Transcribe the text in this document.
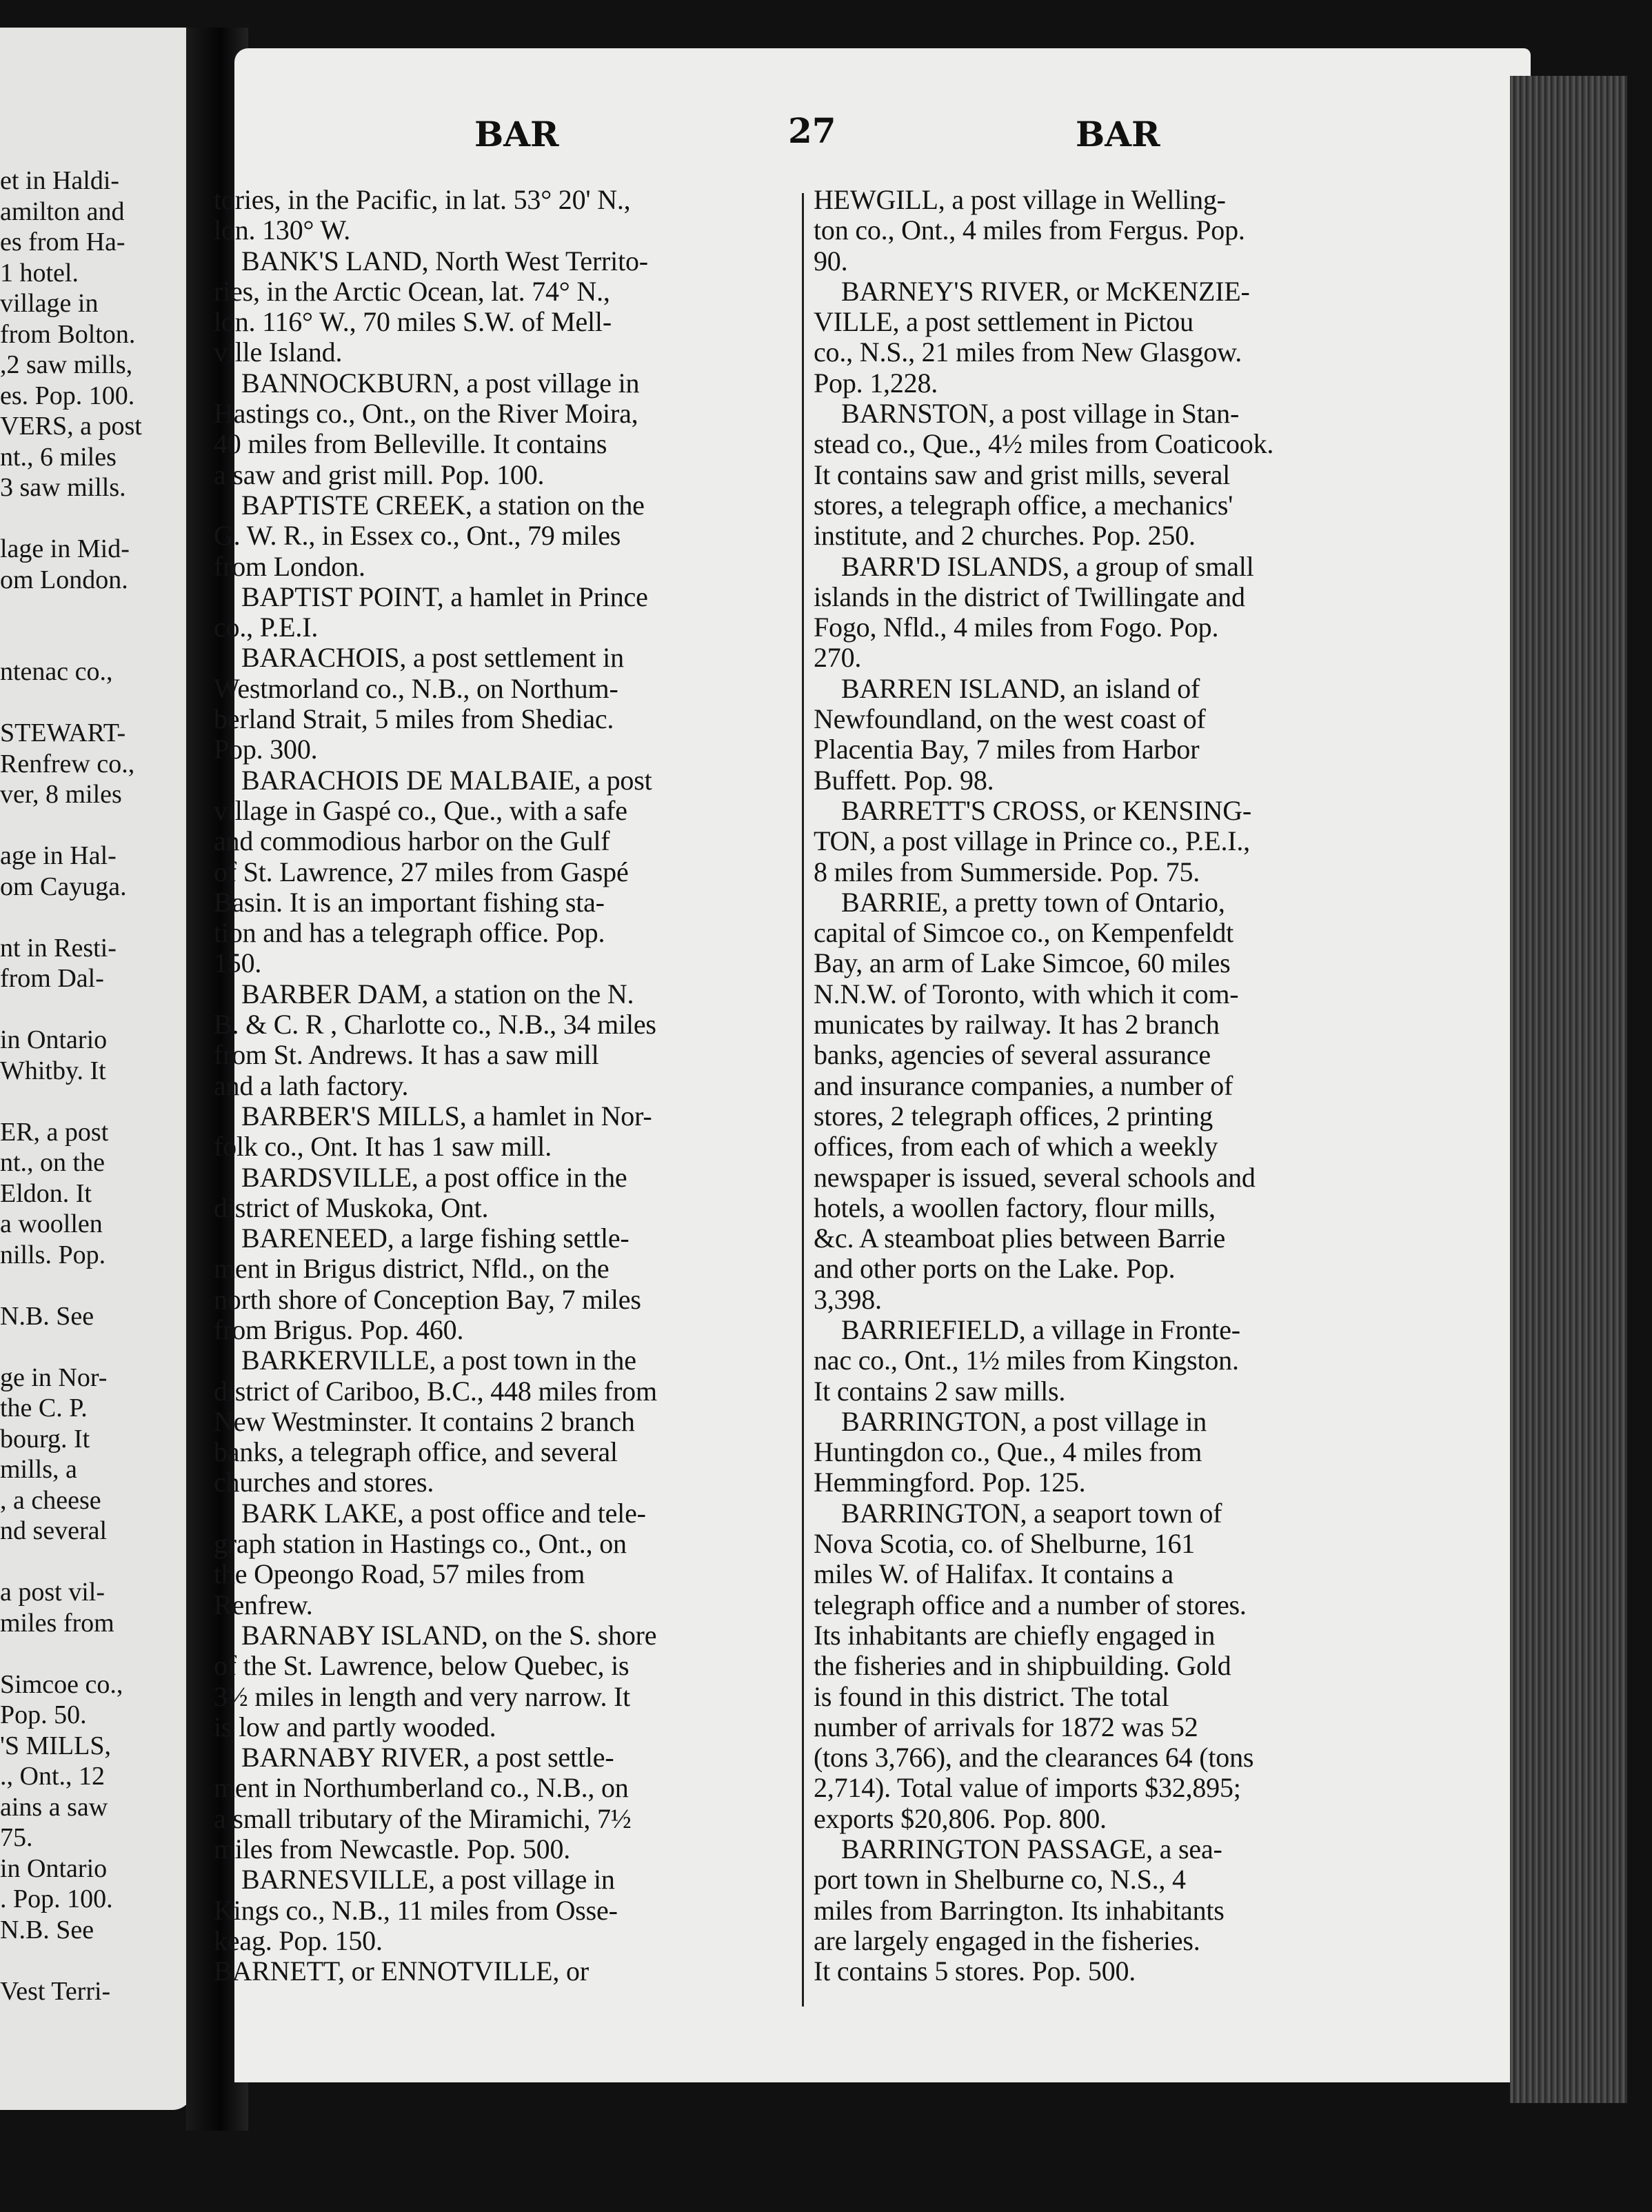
BAR	27	BAR
et in Haldi-
amilton and
es from Ha-
1 hotel.
village in
from Bolton.
,2 saw mills,
es. Pop. 100.
VERS, a post
nt., 6 miles
3 saw mills.
lage in Mid-
om London.
ntenac co.,
STEWART-
Renfrew co.,
ver, 8 miles
age in Hal-
om Cayuga.
nt in Resti-
from Dal-
in Ontario
Whitby. It
ER, a post
nt., on the
Eldon. It
a woollen
nills. Pop.
N.B. See
ge in Nor-
the C. P.
bourg. It
mills, a
, a cheese
nd several
a post vil-
miles from
Simcoe co.,
Pop. 50.
'S MILLS,
., Ont., 12
ains a saw
75.
in Ontario
. Pop. 100.
N.B. See
Vest Terri-
tories, in the Pacific, in lat. 53° 20' N.,
lon. 130° W.
BANK'S LAND, North West Territo-
ries, in the Arctic Ocean, lat. 74° N.,
lon. 116° W., 70 miles S.W. of Mell-
ville Island.
BANNOCKBURN, a post village in
Hastings co., Ont., on the River Moira,
40 miles from Belleville. It contains
a saw and grist mill. Pop. 100.
BAPTISTE CREEK, a station on the
G. W. R., in Essex co., Ont., 79 miles
from London.
BAPTIST POINT, a hamlet in Prince
co., P.E.I.
BARACHOIS, a post settlement in
Westmorland co., N.B., on Northum-
berland Strait, 5 miles from Shediac.
Pop. 300.
BARACHOIS DE MALBAIE, a post
village in Gaspé co., Que., with a safe
and commodious harbor on the Gulf
of St. Lawrence, 27 miles from Gaspé
Basin. It is an important fishing sta-
tion and has a telegraph office. Pop.
150.
BARBER DAM, a station on the N.
B. & C. R , Charlotte co., N.B., 34 miles
from St. Andrews. It has a saw mill
and a lath factory.
BARBER'S MILLS, a hamlet in Nor-
folk co., Ont. It has 1 saw mill.
BARDSVILLE, a post office in the
district of Muskoka, Ont.
BARENEED, a large fishing settle-
ment in Brigus district, Nfld., on the
north shore of Conception Bay, 7 miles
from Brigus. Pop. 460.
BARKERVILLE, a post town in the
district of Cariboo, B.C., 448 miles from
New Westminster. It contains 2 branch
banks, a telegraph office, and several
churches and stores.
BARK LAKE, a post office and tele-
graph station in Hastings co., Ont., on
the Opeongo Road, 57 miles from
Renfrew.
BARNABY ISLAND, on the S. shore
of the St. Lawrence, below Quebec, is
3½ miles in length and very narrow. It
is low and partly wooded.
BARNABY RIVER, a post settle-
ment in Northumberland co., N.B., on
a small tributary of the Miramichi, 7½
miles from Newcastle. Pop. 500.
BARNESVILLE, a post village in
Kings co., N.B., 11 miles from Osse-
keag. Pop. 150.
BARNETT, or ENNOTVILLE, or
HEWGILL, a post village in Welling-
ton co., Ont., 4 miles from Fergus. Pop.
90.
BARNEY'S RIVER, or McKENZIE-
VILLE, a post settlement in Pictou
co., N.S., 21 miles from New Glasgow.
Pop. 1,228.
BARNSTON, a post village in Stan-
stead co., Que., 4½ miles from Coaticook.
It contains saw and grist mills, several
stores, a telegraph office, a mechanics'
institute, and 2 churches. Pop. 250.
BARR'D ISLANDS, a group of small
islands in the district of Twillingate and
Fogo, Nfld., 4 miles from Fogo. Pop.
270.
BARREN ISLAND, an island of
Newfoundland, on the west coast of
Placentia Bay, 7 miles from Harbor
Buffett. Pop. 98.
BARRETT'S CROSS, or KENSING-
TON, a post village in Prince co., P.E.I.,
8 miles from Summerside. Pop. 75.
BARRIE, a pretty town of Ontario,
capital of Simcoe co., on Kempenfeldt
Bay, an arm of Lake Simcoe, 60 miles
N.N.W. of Toronto, with which it com-
municates by railway. It has 2 branch
banks, agencies of several assurance
and insurance companies, a number of
stores, 2 telegraph offices, 2 printing
offices, from each of which a weekly
newspaper is issued, several schools and
hotels, a woollen factory, flour mills,
&c. A steamboat plies between Barrie
and other ports on the Lake. Pop.
3,398.
BARRIEFIELD, a village in Fronte-
nac co., Ont., 1½ miles from Kingston.
It contains 2 saw mills.
BARRINGTON, a post village in
Huntingdon co., Que., 4 miles from
Hemmingford. Pop. 125.
BARRINGTON, a seaport town of
Nova Scotia, co. of Shelburne, 161
miles W. of Halifax. It contains a
telegraph office and a number of stores.
Its inhabitants are chiefly engaged in
the fisheries and in shipbuilding. Gold
is found in this district. The total
number of arrivals for 1872 was 52
(tons 3,766), and the clearances 64 (tons
2,714). Total value of imports $32,895;
exports $20,806. Pop. 800.
BARRINGTON PASSAGE, a sea-
port town in Shelburne co, N.S., 4
miles from Barrington. Its inhabitants
are largely engaged in the fisheries.
It contains 5 stores. Pop. 500.
